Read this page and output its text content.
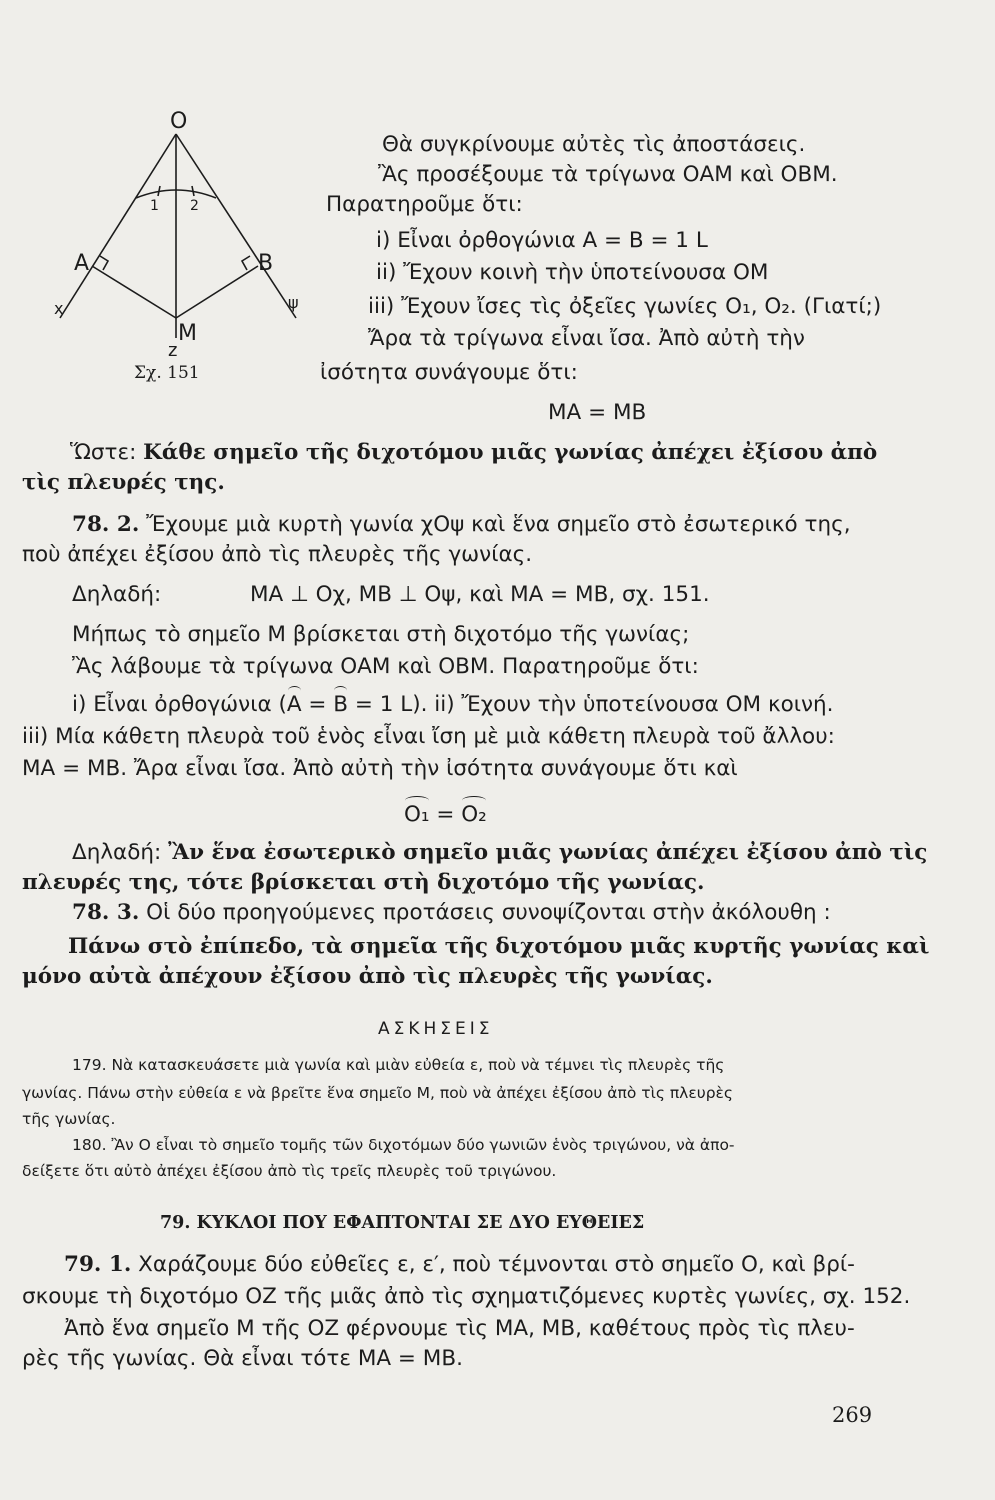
O
A	B
M
z
x	ψ
1 2
Σχ. 151
Θὰ συγκρίνουμε αὐτὲς τὶς ἀποστάσεις.
Ἂς προσέξουμε τὰ τρίγωνα ΟΑΜ καὶ ΟΒΜ.
Παρατηροῦμε ὅτι:
i) Εἶναι ὀρθογώνια Α = Β = 1 L
ii) Ἔχουν κοινὴ τὴν ὑποτείνουσα ΟΜ
iii) Ἔχουν ἴσες τὶς ὀξεῖες γωνίες Ο₁, Ο₂. (Γιατί;)
Ἄρα τὰ τρίγωνα εἶναι ἴσα. Ἀπὸ αὐτὴ τὴν
ἰσότητα συνάγουμε ὅτι:
ΜΑ = ΜΒ
Ὥστε: Κάθε σημεῖο τῆς διχοτόμου μιᾶς γωνίας ἀπέχει ἐξίσου ἀπὸ
τὶς πλευρές της.
78. 2. Ἔχουμε μιὰ κυρτὴ γωνία χΟψ καὶ ἕνα σημεῖο στὸ ἐσωτερικό της,
ποὺ ἀπέχει ἐξίσου ἀπὸ τὶς πλευρὲς τῆς γωνίας.
Δηλαδή:	ΜΑ ⊥ Οχ, ΜΒ ⊥ Οψ, καὶ ΜΑ = ΜΒ, σχ. 151.
Μήπως τὸ σημεῖο Μ βρίσκεται στὴ διχοτόμο τῆς γωνίας;
Ἂς λάβουμε τὰ τρίγωνα ΟΑΜ καὶ ΟΒΜ. Παρατηροῦμε ὅτι:
i) Εἶναι ὀρθογώνια (Α = Β = 1 L). ii) Ἔχουν τὴν ὑποτείνουσα ΟΜ κοινή.
iii) Μία κάθετη πλευρὰ τοῦ ἑνὸς εἶναι ἴση μὲ μιὰ κάθετη πλευρὰ τοῦ ἄλλου:
ΜΑ = ΜΒ. Ἄρα εἶναι ἴσα. Ἀπὸ αὐτὴ τὴν ἰσότητα συνάγουμε ὅτι καὶ
Ο₁ = Ο₂
Δηλαδή: Ἂν ἕνα ἐσωτερικὸ σημεῖο μιᾶς γωνίας ἀπέχει ἐξίσου ἀπὸ τὶς
πλευρές της, τότε βρίσκεται στὴ διχοτόμο τῆς γωνίας.
78. 3. Οἱ δύο προηγούμενες προτάσεις συνοψίζονται στὴν ἀκόλουθη :
Πάνω στὸ ἐπίπεδο, τὰ σημεῖα τῆς διχοτόμου μιᾶς κυρτῆς γωνίας καὶ
μόνο αὐτὰ ἀπέχουν ἐξίσου ἀπὸ τὶς πλευρὲς τῆς γωνίας.
ΑΣΚΗΣΕΙΣ
179. Νὰ κατασκευάσετε μιὰ γωνία καὶ μιὰν εὐθεία ε, ποὺ νὰ τέμνει τὶς πλευρὲς τῆς
γωνίας. Πάνω στὴν εὐθεία ε νὰ βρεῖτε ἕνα σημεῖο Μ, ποὺ νὰ ἀπέχει ἐξίσου ἀπὸ τὶς πλευρὲς
τῆς γωνίας.
180. Ἂν Ο εἶναι τὸ σημεῖο τομῆς τῶν διχοτόμων δύο γωνιῶν ἑνὸς τριγώνου, νὰ ἀπο-
δείξετε ὅτι αὐτὸ ἀπέχει ἐξίσου ἀπὸ τὶς τρεῖς πλευρὲς τοῦ τριγώνου.
79. ΚΥΚΛΟΙ ΠΟΥ ΕΦΑΠΤΟΝΤΑΙ ΣΕ ΔΥΟ ΕΥΘΕΙΕΣ
79. 1. Χαράζουμε δύο εὐθεῖες ε, ε′, ποὺ τέμνονται στὸ σημεῖο Ο, καὶ βρί-
σκουμε τὴ διχοτόμο ΟΖ τῆς μιᾶς ἀπὸ τὶς σχηματιζόμενες κυρτὲς γωνίες, σχ. 152.
Ἀπὸ ἕνα σημεῖο Μ τῆς ΟΖ φέρνουμε τὶς ΜΑ, ΜΒ, καθέτους πρὸς τὶς πλευ-
ρὲς τῆς γωνίας. Θὰ εἶναι τότε ΜΑ = ΜΒ.
269
